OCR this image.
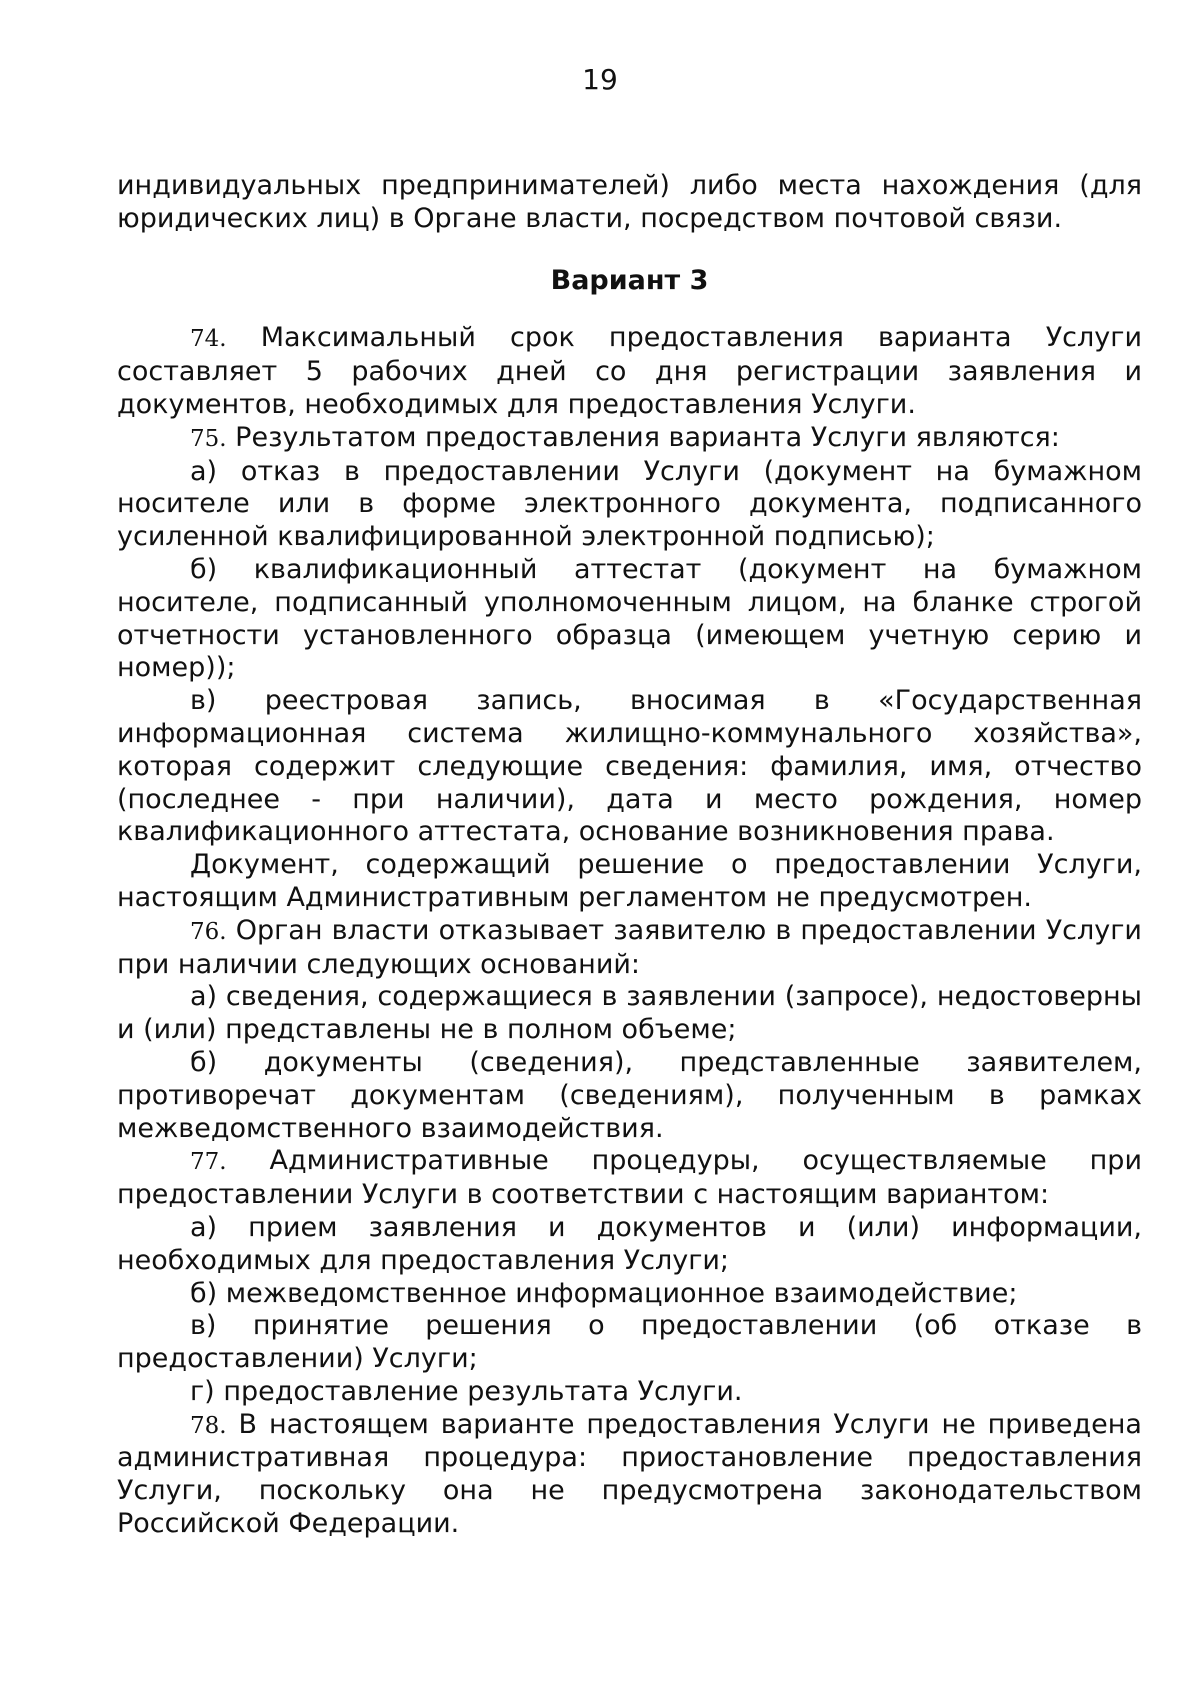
19

индивидуальных предпринимателей) либо места нахождения (для юридических лиц) в Органе власти, посредством почтовой связи.

Вариант 3

74. Максимальный срок предоставления варианта Услуги составляет 5 рабочих дней со дня регистрации заявления и документов, необходимых для предоставления Услуги.

75. Результатом предоставления варианта Услуги являются:

а) отказ в предоставлении Услуги (документ на бумажном носителе или в форме электронного документа, подписанного усиленной квалифицированной электронной подписью);

б) квалификационный аттестат (документ на бумажном носителе, подписанный уполномоченным лицом, на бланке строгой отчетности установленного образца (имеющем учетную серию и номер));

в) реестровая запись, вносимая в «Государственная информационная система жилищно-коммунального хозяйства», которая содержит следующие сведения: фамилия, имя, отчество (последнее - при наличии), дата и место рождения, номер квалификационного аттестата, основание возникновения права.

Документ, содержащий решение о предоставлении Услуги, настоящим Административным регламентом не предусмотрен.

76. Орган власти отказывает заявителю в предоставлении Услуги при наличии следующих оснований:

а) сведения, содержащиеся в заявлении (запросе), недостоверны и (или) представлены не в полном объеме;

б) документы (сведения), представленные заявителем, противоречат документам (сведениям), полученным в рамках межведомственного взаимодействия.

77. Административные процедуры, осуществляемые при предоставлении Услуги в соответствии с настоящим вариантом:

а) прием заявления и документов и (или) информации, необходимых для предоставления Услуги;

б) межведомственное информационное взаимодействие;

в) принятие решения о предоставлении (об отказе в предоставлении) Услуги;

г) предоставление результата Услуги.

78. В настоящем варианте предоставления Услуги не приведена административная процедура: приостановление предоставления Услуги, поскольку она не предусмотрена законодательством Российской Федерации.
